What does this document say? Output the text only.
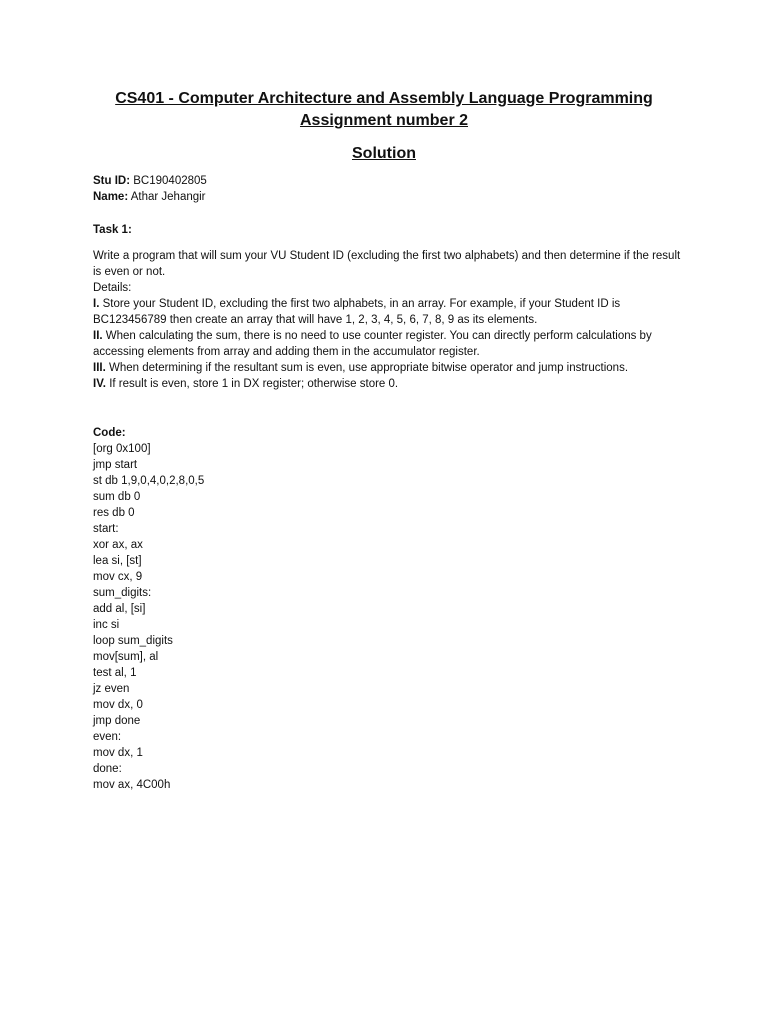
CS401 - Computer Architecture and Assembly Language Programming
Assignment number 2
Solution
Stu ID: BC190402805
Name: Athar Jehangir
Task 1:

Write a program that will sum your VU Student ID (excluding the first two alphabets) and then determine if the result is even or not.

Details:

I. Store your Student ID, excluding the first two alphabets, in an array. For example, if your Student ID is BC123456789 then create an array that will have 1, 2, 3, 4, 5, 6, 7, 8, 9 as its elements.

II. When calculating the sum, there is no need to use counter register. You can directly perform calculations by accessing elements from array and adding them in the accumulator register.

III. When determining if the resultant sum is even, use appropriate bitwise operator and jump instructions.

IV. If result is even, store 1 in DX register; otherwise store 0.

Code:
[org 0x100]
jmp start
st db 1,9,0,4,0,2,8,0,5
sum db 0
res db 0
start:
xor ax, ax
lea si, [st]
mov cx, 9
sum_digits:
add al, [si]
inc si
loop sum_digits
mov[sum], al
test al, 1
jz even
mov dx, 0
jmp done
even:
mov dx, 1
done:
mov ax, 4C00h
